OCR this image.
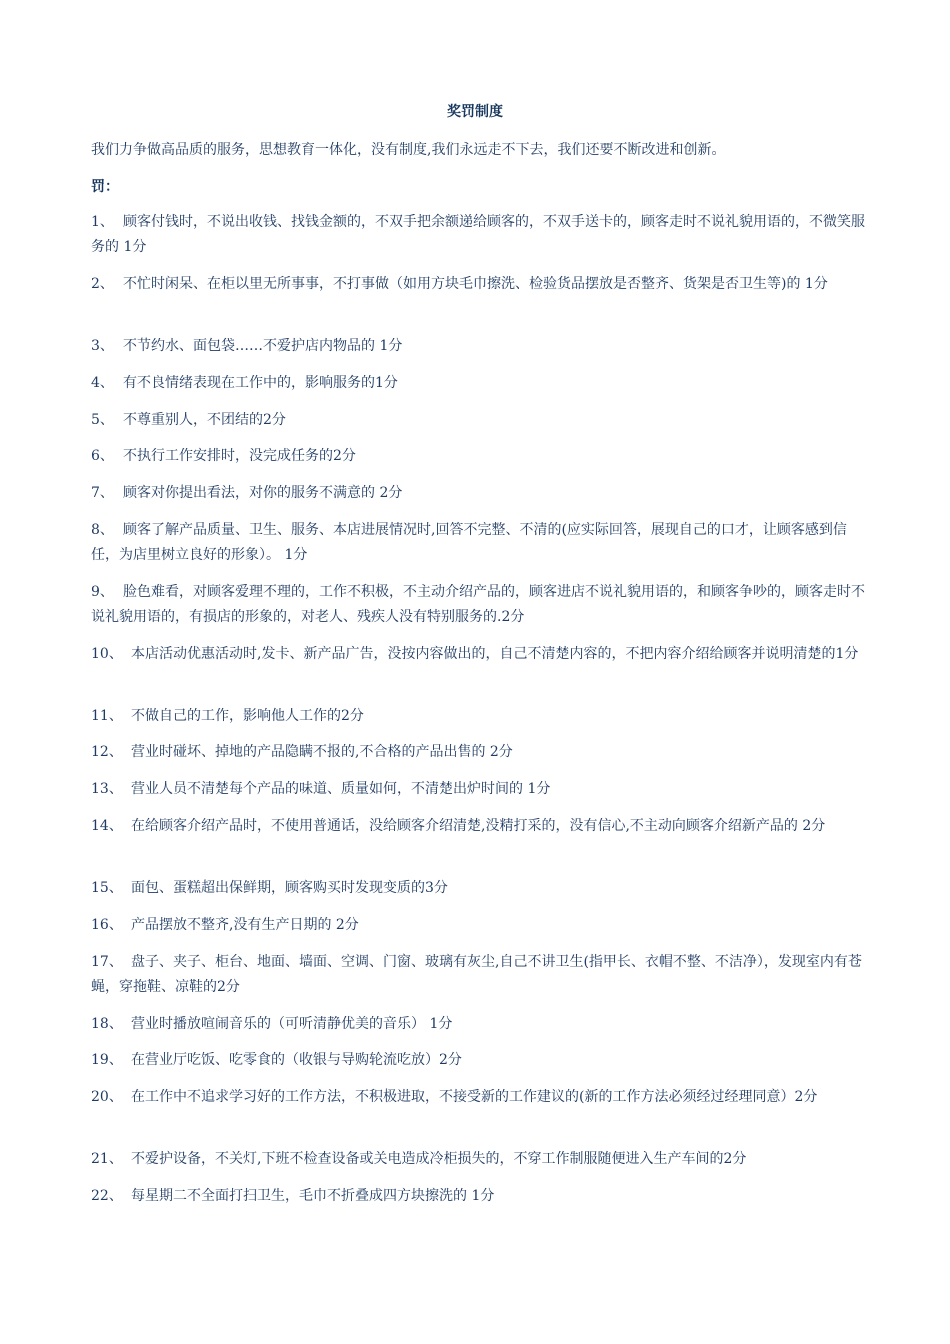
奖罚制度
我们力争做高品质的服务，思想教育一体化，没有制度,我们永远走不下去，我们还要不断改进和创新。
罚：
1、 顾客付钱时，不说出收钱、找钱金额的，不双手把余额递给顾客的，不双手送卡的，顾客走时不说礼貌用语的，不微笑服务的 1分
2、 不忙时闲呆、在柜以里无所事事，不打事做（如用方块毛巾擦洗、检验货品摆放是否整齐、货架是否卫生等)的 1分
3、 不节约水、面包袋……不爱护店内物品的 1分
4、 有不良情绪表现在工作中的，影响服务的1分
5、 不尊重别人，不团结的2分
6、 不执行工作安排时，没完成任务的2分
7、 顾客对你提出看法，对你的服务不满意的 2分
8、 顾客了解产品质量、卫生、服务、本店进展情况时,回答不完整、不清的(应实际回答，展现自己的口才，让顾客感到信任，为店里树立良好的形象）。 1分
9、 脸色难看，对顾客爱理不理的，工作不积极，不主动介绍产品的，顾客进店不说礼貌用语的，和顾客争吵的，顾客走时不说礼貌用语的，有损店的形象的，对老人、残疾人没有特别服务的.2分
10、 本店活动优惠活动时,发卡、新产品广告，没按内容做出的，自己不清楚内容的，不把内容介绍给顾客并说明清楚的1分
11、 不做自己的工作，影响他人工作的2分
12、 营业时碰坏、掉地的产品隐瞒不报的,不合格的产品出售的 2分
13、 营业人员不清楚每个产品的味道、质量如何，不清楚出炉时间的 1分
14、 在给顾客介绍产品时，不使用普通话，没给顾客介绍清楚,没精打采的，没有信心,不主动向顾客介绍新产品的 2分
15、 面包、蛋糕超出保鲜期，顾客购买时发现变质的3分
16、 产品摆放不整齐,没有生产日期的 2分
17、 盘子、夹子、柜台、地面、墙面、空调、门窗、玻璃有灰尘,自己不讲卫生(指甲长、衣帽不整、不洁净），发现室内有苍蝇，穿拖鞋、凉鞋的2分
18、 营业时播放喧闹音乐的（可听清静优美的音乐） 1分
19、 在营业厅吃饭、吃零食的（收银与导购轮流吃放）2分
20、 在工作中不追求学习好的工作方法，不积极进取，不接受新的工作建议的(新的工作方法必须经过经理同意）2分
21、 不爱护设备，不关灯,下班不检查设备或关电造成冷柜损失的，不穿工作制服随便进入生产车间的2分
22、 每星期二不全面打扫卫生，毛巾不折叠成四方块擦洗的 1分
